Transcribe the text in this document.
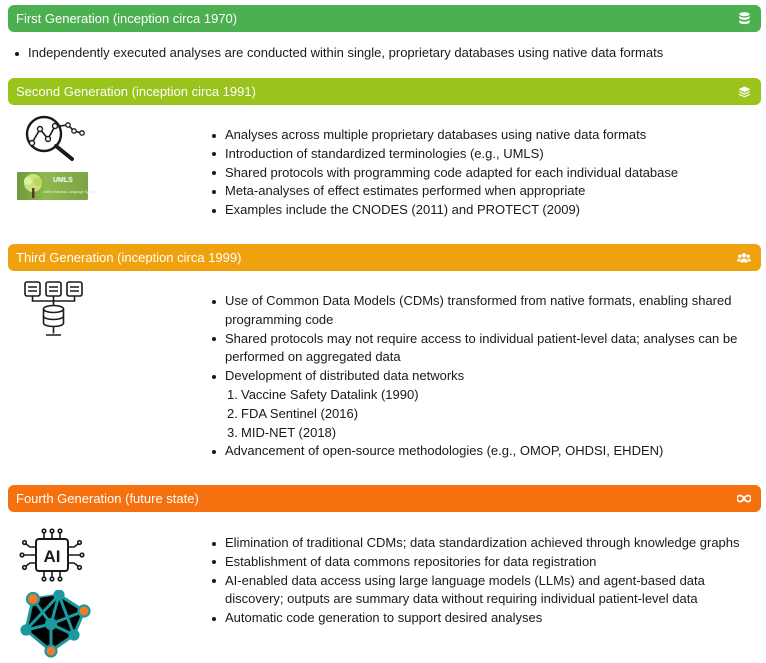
First Generation (inception circa 1970)
Independently executed analyses are conducted within single, proprietary databases using native data formats
Second Generation (inception circa 1991)
UMLS
Unified Medical Language System
Analyses across multiple proprietary databases using native data formats
Introduction of standardized terminologies (e.g., UMLS)
Shared protocols with programming code adapted for each individual database
Meta-analyses of effect estimates performed when appropriate
Examples include the CNODES (2011) and PROTECT (2009)
Third Generation (inception circa 1999)
Use of Common Data Models (CDMs) transformed from native formats, enabling shared programming code
Shared protocols may not require access to individual patient-level data; analyses can be performed on aggregated data
Development of distributed data networks
1. Vaccine Safety Datalink (1990)
2. FDA Sentinel (2016)
3. MID-NET (2018)
Advancement of open-source methodologies (e.g., OMOP, OHDSI, EHDEN)
Fourth Generation (future state)
AI
Elimination of traditional CDMs; data standardization achieved through knowledge graphs
Establishment of data commons repositories for data registration
AI-enabled data access using large language models (LLMs) and agent-based data discovery; outputs are summary data without requiring individual patient-level data
Automatic code generation to support desired analyses
